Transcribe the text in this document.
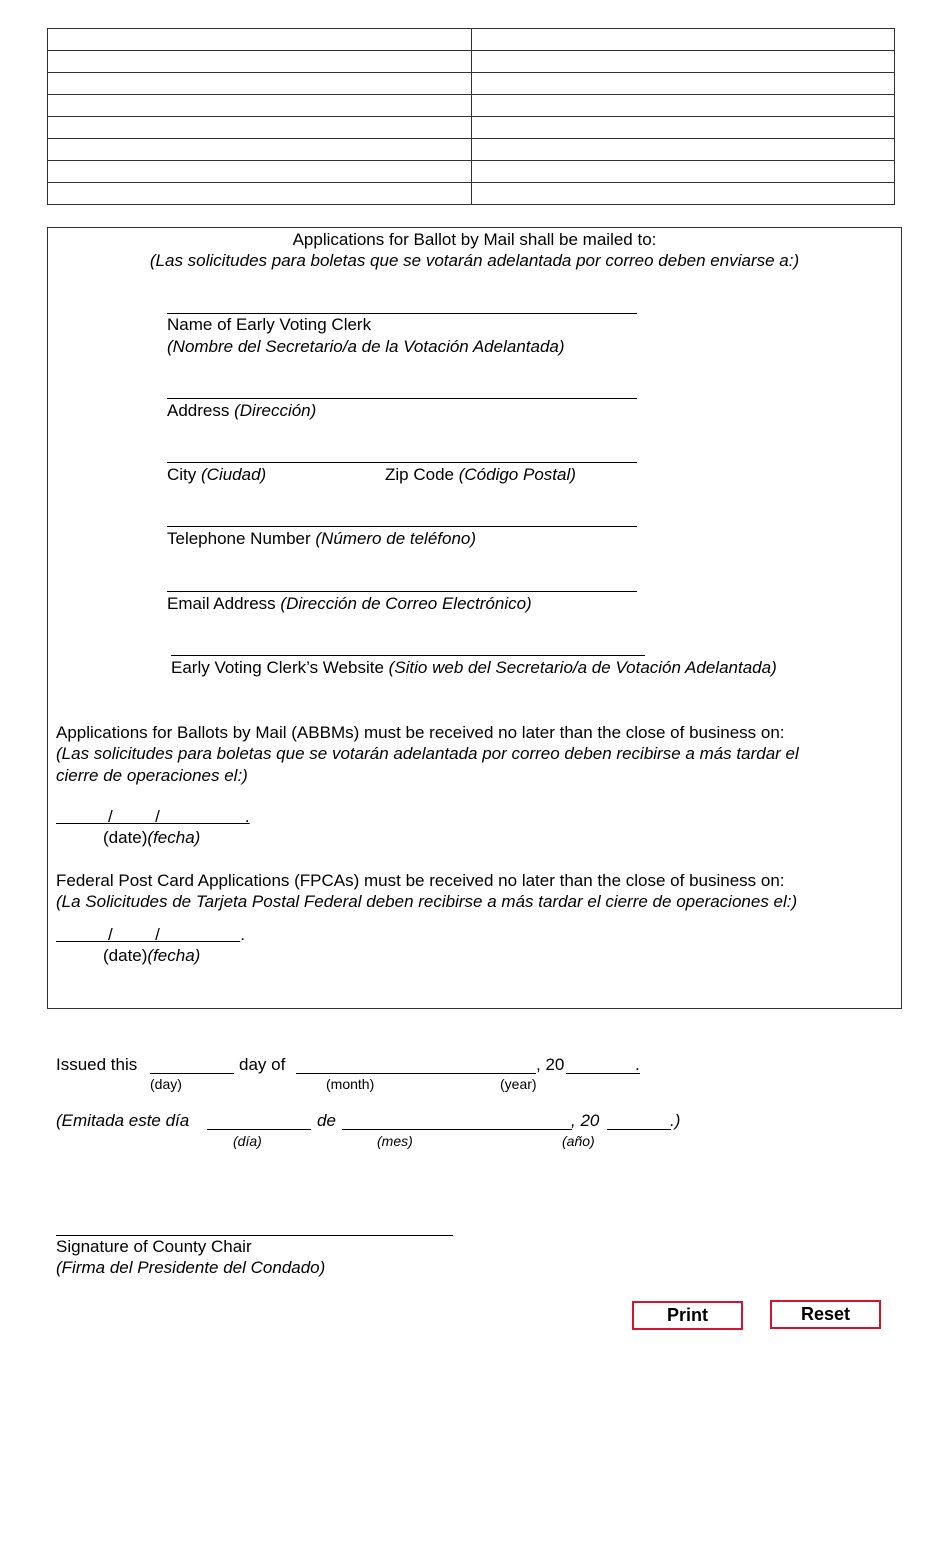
Applications for Ballot by Mail shall be mailed to:
(Las solicitudes para boletas que se votarán adelantada por correo deben enviarse a:)
Name of Early Voting Clerk
(Nombre del Secretario/a de la Votación Adelantada)
Address (Dirección)
City (Ciudad)	Zip Code (Código Postal)
Telephone Number (Número de teléfono)
Email Address (Dirección de Correo Electrónico)
Early Voting Clerk’s Website (Sitio web del Secretario/a de Votación Adelantada)
Applications for Ballots by Mail (ABBMs) must be received no later than the close of business on:
(Las solicitudes para boletas que se votarán adelantada por correo deben recibirse a más tardar el
cierre de operaciones el:)
/         /                  .
(date)(fecha)
Federal Post Card Applications (FPCAs) must be received no later than the close of business on:
(La Solicitudes de Tarjeta Postal Federal deben recibirse a más tardar el cierre de operaciones el:)
/         /                 .
(date)(fecha)
Issued this	day of	, 20	.
(day)	(month)	(year)
(Emitada este día	de	, 20	.)
(día)	(mes)	(año)
Signature of County Chair
(Firma del Presidente del Condado)
Print	Reset
